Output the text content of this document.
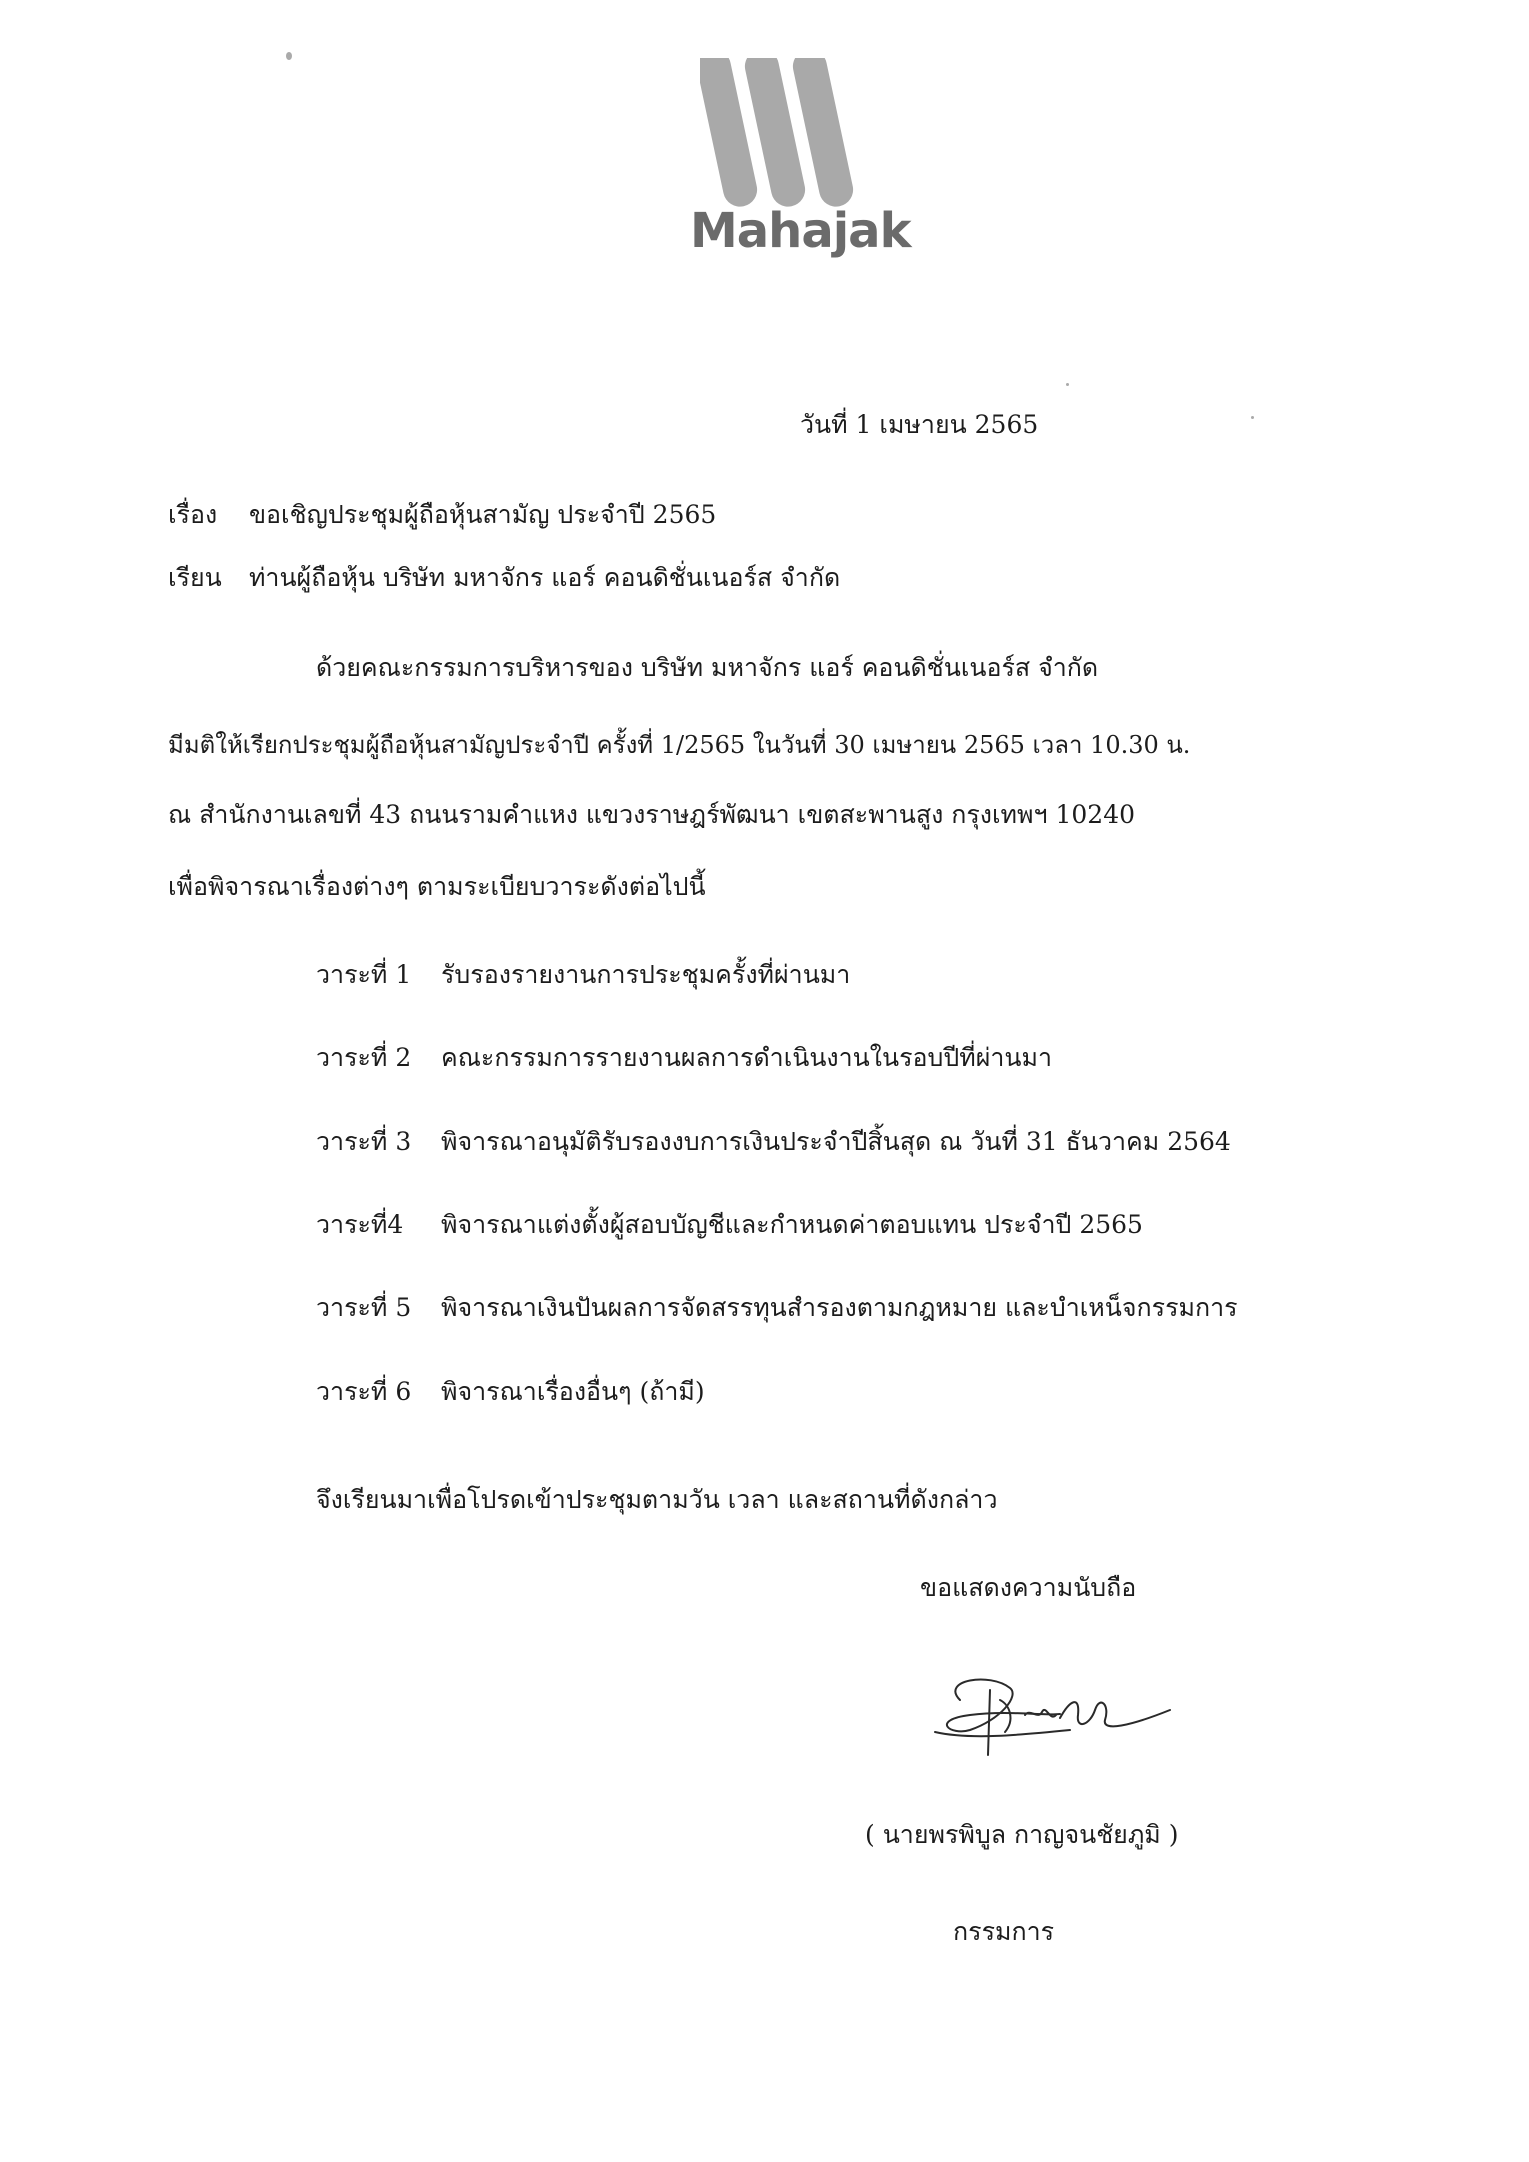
Mahajak
วันที่ 1 เมษายน 2565
เรื่อง ขอเชิญประชุมผู้ถือหุ้นสามัญ ประจำปี 2565
เรียน ท่านผู้ถือหุ้น บริษัท มหาจักร แอร์ คอนดิชั่นเนอร์ส จำกัด
ด้วยคณะกรรมการบริหารของ บริษัท มหาจักร แอร์ คอนดิชั่นเนอร์ส จำกัด
มีมติให้เรียกประชุมผู้ถือหุ้นสามัญประจำปี ครั้งที่ 1/2565 ในวันที่ 30 เมษายน 2565 เวลา 10.30 น.
ณ สำนักงานเลขที่ 43 ถนนรามคำแหง แขวงราษฎร์พัฒนา เขตสะพานสูง กรุงเทพฯ 10240
เพื่อพิจารณาเรื่องต่างๆ ตามระเบียบวาระดังต่อไปนี้
วาระที่ 1 รับรองรายงานการประชุมครั้งที่ผ่านมา
วาระที่ 2 คณะกรรมการรายงานผลการดำเนินงานในรอบปีที่ผ่านมา
วาระที่ 3 พิจารณาอนุมัติรับรองงบการเงินประจำปีสิ้นสุด ณ วันที่ 31 ธันวาคม 2564
วาระที่4 พิจารณาแต่งตั้งผู้สอบบัญชีและกำหนดค่าตอบแทน ประจำปี 2565
วาระที่ 5 พิจารณาเงินปันผลการจัดสรรทุนสำรองตามกฎหมาย และบำเหน็จกรรมการ
วาระที่ 6 พิจารณาเรื่องอื่นๆ (ถ้ามี)
จึงเรียนมาเพื่อโปรดเข้าประชุมตามวัน เวลา และสถานที่ดังกล่าว
ขอแสดงความนับถือ
( นายพรพิบูล กาญจนชัยภูมิ )
กรรมการ
